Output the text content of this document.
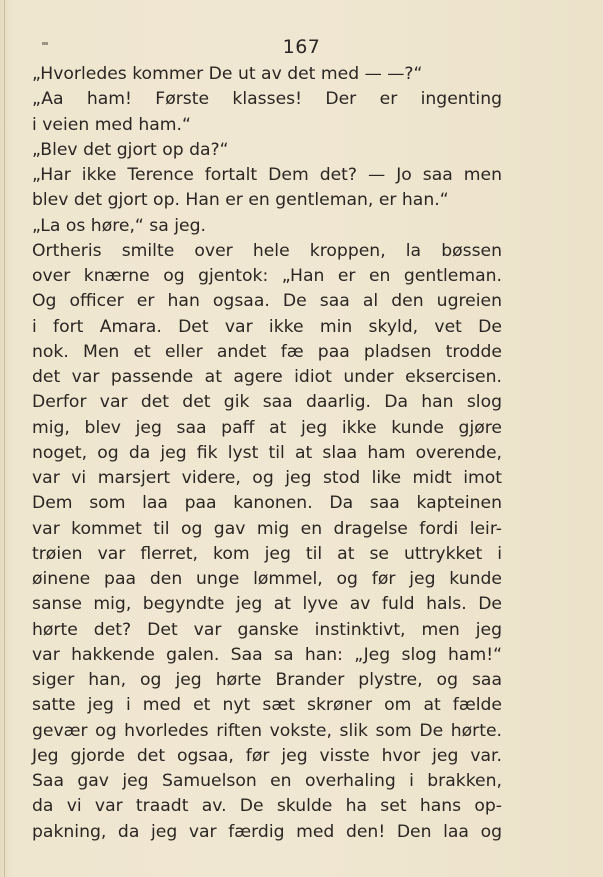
167
„Hvorledes kommer De ut av det med — —?“
„Aa ham! Første klasses! Der er ingenting
i veien med ham.“
„Blev det gjort op da?“
„Har ikke Terence fortalt Dem det? — Jo saa men
blev det gjort op. Han er en gentleman, er han.“
„La os høre,“ sa jeg.
Ortheris smilte over hele kroppen, la bøssen
over knærne og gjentok: „Han er en gentleman.
Og officer er han ogsaa. De saa al den ugreien
i fort Amara. Det var ikke min skyld, vet De
nok. Men et eller andet fæ paa pladsen trodde
det var passende at agere idiot under eksercisen.
Derfor var det det gik saa daarlig. Da han slog
mig, blev jeg saa paff at jeg ikke kunde gjøre
noget, og da jeg fik lyst til at slaa ham overende,
var vi marsjert videre, og jeg stod like midt imot
Dem som laa paa kanonen. Da saa kapteinen
var kommet til og gav mig en dragelse fordi leir-
trøien var flerret, kom jeg til at se uttrykket i
øinene paa den unge lømmel, og før jeg kunde
sanse mig, begyndte jeg at lyve av fuld hals. De
hørte det? Det var ganske instinktivt, men jeg
var hakkende galen. Saa sa han: „Jeg slog ham!“
siger han, og jeg hørte Brander plystre, og saa
satte jeg i med et nyt sæt skrøner om at fælde
gevær og hvorledes riften vokste, slik som De hørte.
Jeg gjorde det ogsaa, før jeg visste hvor jeg var.
Saa gav jeg Samuelson en overhaling i brakken,
da vi var traadt av. De skulde ha set hans op-
pakning, da jeg var færdig med den! Den laa og
